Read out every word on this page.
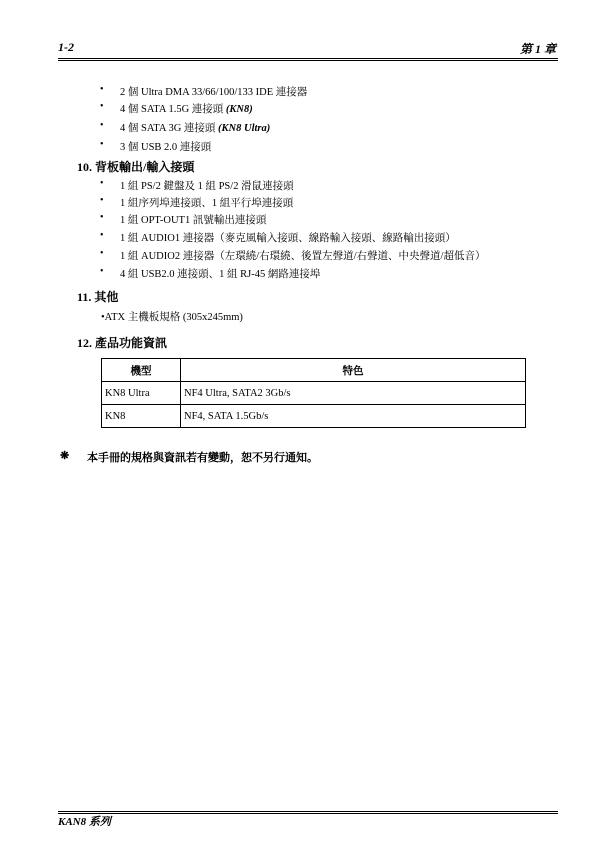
1-2	第 1 章
• 2 個 Ultra DMA 33/66/100/133 IDE 連接器
• 4 個 SATA 1.5G 連接頭 (KN8)
• 4 個 SATA 3G 連接頭 (KN8 Ultra)
• 3 個 USB 2.0 連接頭
10. 背板輸出/輸入接頭
• 1 組 PS/2 鍵盤及 1 組 PS/2 滑鼠連接頭
• 1 組序列埠連接頭、1 組平行埠連接頭
• 1 組 OPT-OUT1 訊號輸出連接頭
• 1 組 AUDIO1 連接器（麥克風輸入接頭、線路輸入接頭、線路輸出接頭）
• 1 組 AUDIO2 連接器（左環繞/右環繞、後置左聲道/右聲道、中央聲道/超低音）
• 4 組 USB2.0 連接頭、1 組 RJ-45 網路連接埠
11. 其他
•ATX 主機板規格 (305x245mm)
12. 產品功能資訊
機型	特色
KN8 Ultra	NF4 Ultra, SATA2 3Gb/s
KN8	NF4, SATA 1.5Gb/s
❋ 本手冊的規格與資訊若有變動，恕不另行通知。
KAN8 系列
